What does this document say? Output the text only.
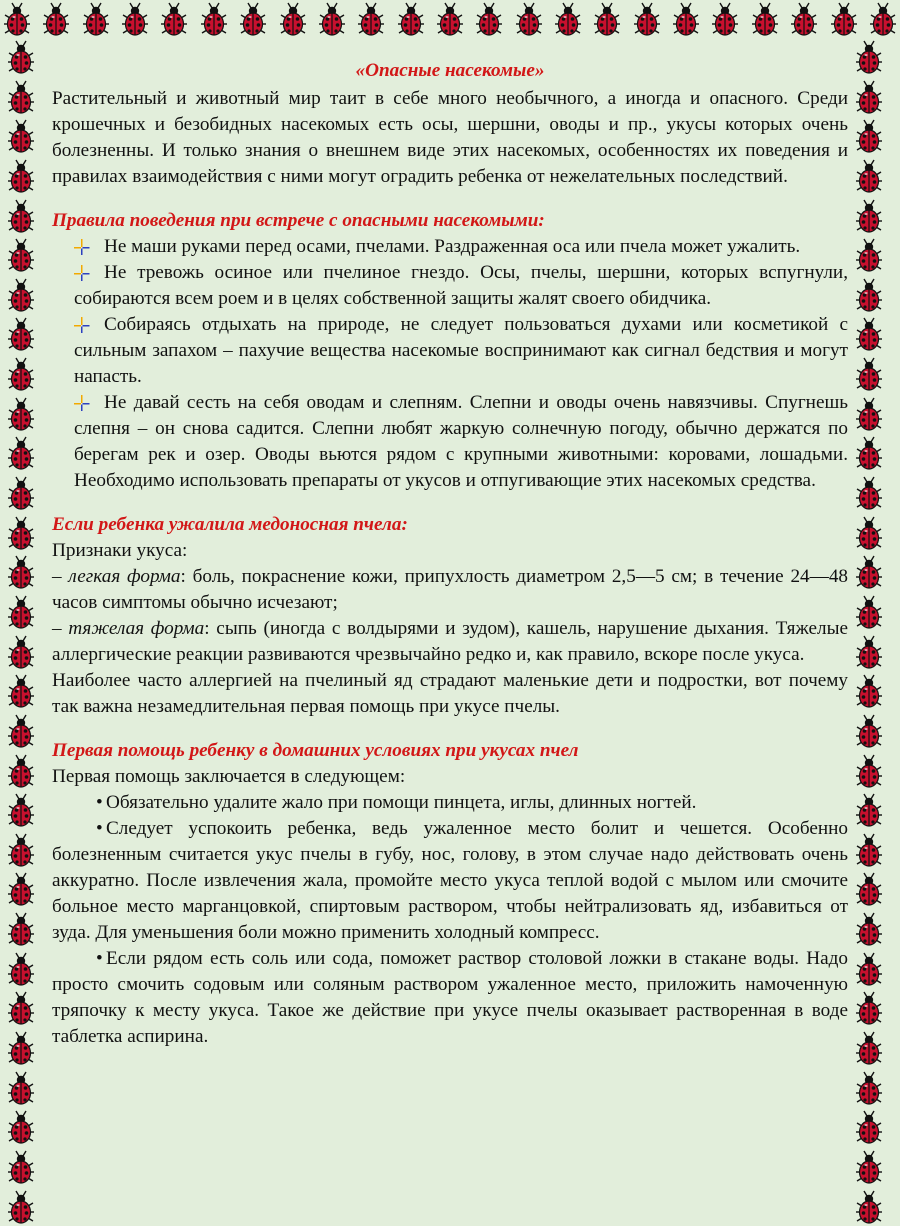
«Опасные насекомые»

Растительный и животный мир таит в себе много необычного, а иногда и опасного. Среди крошечных и безобидных насекомых есть осы, шершни, оводы и пр., укусы которых очень болезненны. И только знания о внешнем виде этих насекомых, особенностях их поведения и правилах взаимодействия с ними могут оградить ребенка от нежелательных последствий.

Правила поведения при встрече с опасными насекомыми:
Не маши руками перед осами, пчелами. Раздраженная оса или пчела может ужалить.
Не тревожь осиное или пчелиное гнездо. Осы, пчелы, шершни, которых вспугнули, собираются всем роем и в целях собственной защиты жалят своего обидчика.
Собираясь отдыхать на природе, не следует пользоваться духами или косметикой с сильным запахом – пахучие вещества насекомые воспринимают как сигнал бедствия и могут напасть.
Не давай сесть на себя оводам и слепням. Слепни и оводы очень навязчивы. Спугнешь слепня – он снова садится. Слепни любят жаркую солнечную погоду, обычно держатся по берегам рек и озер. Оводы вьются рядом с крупными животными: коровами, лошадьми. Необходимо использовать препараты от укусов и отпугивающие этих насекомых средства.
Если ребенка ужалила медоносная пчела:

Признаки укуса:

– легкая форма: боль, покраснение кожи, припухлость диаметром 2,5—5 см; в течение 24—48 часов симптомы обычно исчезают;

– тяжелая форма: сыпь (иногда с волдырями и зудом), кашель, нарушение дыхания. Тяжелые аллергические реакции развиваются чрезвычайно редко и, как правило, вскоре после укуса.

Наиболее часто аллергией на пчелиный яд страдают маленькие дети и подростки, вот почему так важна незамедлительная первая помощь при укусе пчелы.

Первая помощь ребенку в домашних условиях при укусах пчел

Первая помощь заключается в следующем:

• Обязательно удалите жало при помощи пинцета, иглы, длинных ногтей.
• Следует успокоить ребенка, ведь ужаленное место болит и чешется. Особенно болезненным считается укус пчелы в губу, нос, голову, в этом случае надо действовать очень аккуратно. После извлечения жала, промойте место укуса теплой водой с мылом или смочите больное место марганцовкой, спиртовым раствором, чтобы нейтрализовать яд, избавиться от зуда. Для уменьшения боли можно применить холодный компресс.
• Если рядом есть соль или сода, поможет раствор столовой ложки в стакане воды. Надо просто смочить содовым или соляным раствором ужаленное место, приложить намоченную тряпочку к месту укуса. Такое же действие при укусе пчелы оказывает растворенная в воде таблетка аспирина.
